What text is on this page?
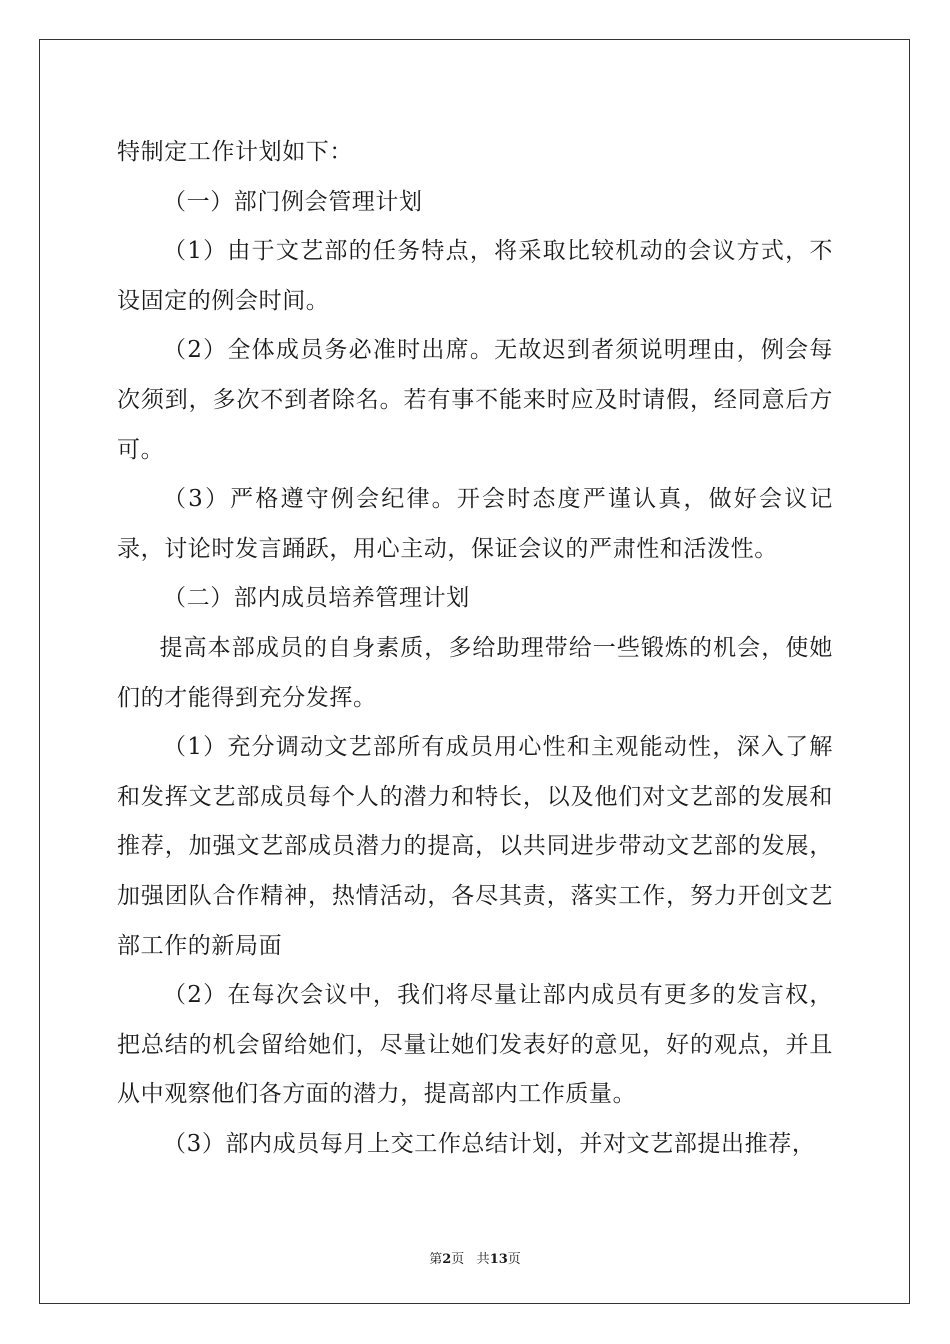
特制定工作计划如下：

（一）部门例会管理计划

（1）由于文艺部的任务特点，将采取比较机动的会议方式，不设固定的例会时间。

（2）全体成员务必准时出席。无故迟到者须说明理由，例会每次须到，多次不到者除名。若有事不能来时应及时请假，经同意后方可。

（3）严格遵守例会纪律。开会时态度严谨认真，做好会议记录，讨论时发言踊跃，用心主动，保证会议的严肃性和活泼性。

（二）部内成员培养管理计划

提高本部成员的自身素质，多给助理带给一些锻炼的机会，使她们的才能得到充分发挥。

（1）充分调动文艺部所有成员用心性和主观能动性，深入了解和发挥文艺部成员每个人的潜力和特长，以及他们对文艺部的发展和推荐，加强文艺部成员潜力的提高，以共同进步带动文艺部的发展，加强团队合作精神，热情活动，各尽其责，落实工作，努力开创文艺部工作的新局面

（2）在每次会议中，我们将尽量让部内成员有更多的发言权，把总结的机会留给她们，尽量让她们发表好的意见，好的观点，并且从中观察他们各方面的潜力，提高部内工作质量。

（3）部内成员每月上交工作总结计划，并对文艺部提出推荐，

第2页 共13页
